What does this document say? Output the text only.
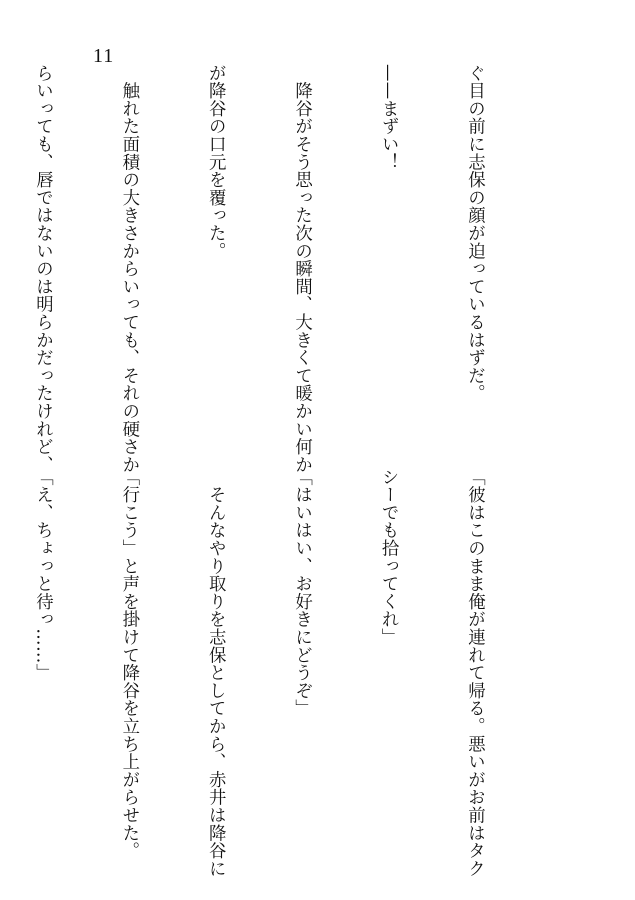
11

ぐ目の前に志保の顔が迫っているはずだ。

——まずい！

　降谷がそう思った次の瞬間、大きくて暖かい何か

が降谷の口元を覆った。

　触れた面積の大きさからいっても、それの硬さか

らいっても、唇ではないのは明らかだったけれど、

「彼はこのまま俺が連れて帰る。悪いがお前はタク

シーでも拾ってくれ」

「はいはい、お好きにどうぞ」

　そんなやり取りを志保としてから、赤井は降谷に

「行こう」と声を掛けて降谷を立ち上がらせた。

「え、ちょっと待っ……」
